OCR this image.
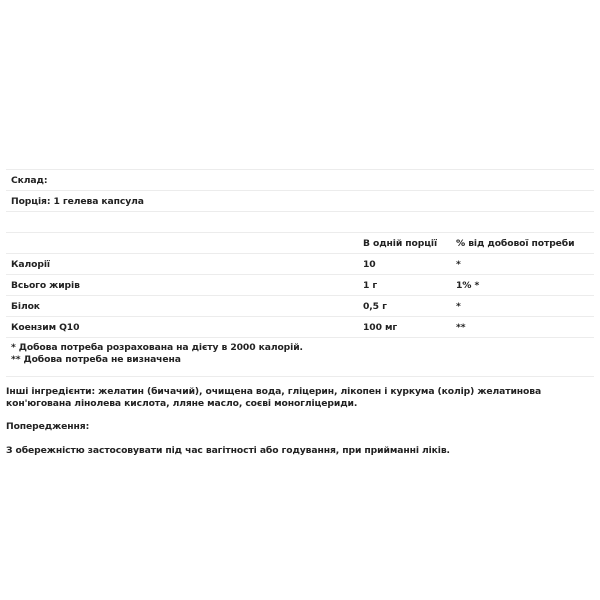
Склад:		
Порція: 1 гелева капсула		

	В одній порції	% від добової потреби
Калорії	10	*
Всього жирів	1 г	1% *
Білок	0,5 г	*
Коензим Q10	100 мг	**

* Добова потреба розрахована на дієту в 2000 калорій.
** Добова потреба не визначена		

Інші інгредієнти: желатин (бичачий), очищена вода, гліцерин, лікопен і куркума (колір) желатинова кон'югована лінолева кислота, лляне масло, соєві моногліцериди.

Попередження:

З обережністю застосовувати під час вагітності або годування, при прийманні ліків.
